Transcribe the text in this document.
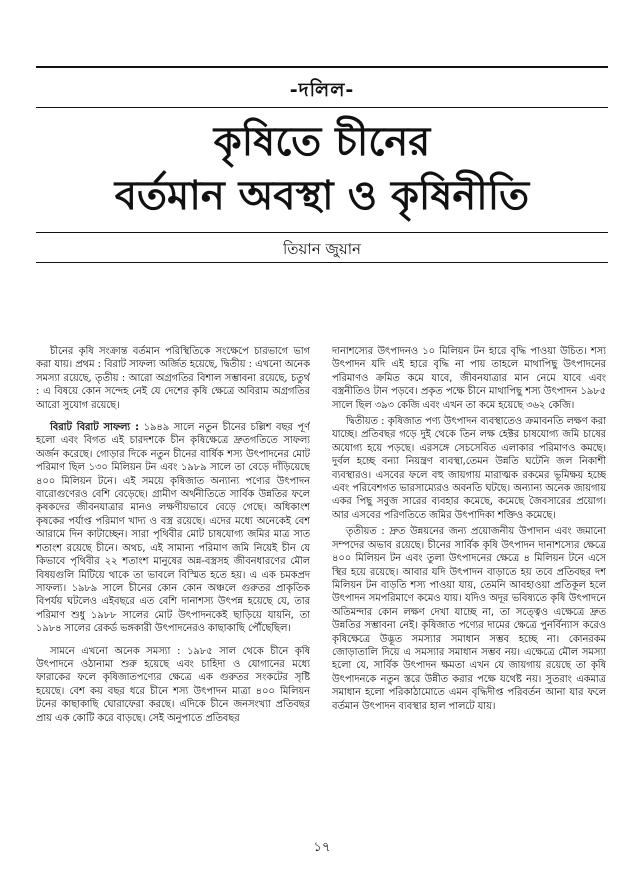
-দলিল-
কৃষিতে চীনের
বর্তমান অবস্থা ও কৃষিনীতি
তিয়ান জুয়ান

চীনের কৃষি সংক্রান্ত বর্তমান পরিস্থিতিকে সংক্ষেপে চারভাগে ভাগ করা যায়। প্রথম : বিরাট সাফল্য অর্জিত হয়েছে, দ্বিতীয় : এখনো অনেক সমস্যা রয়েছে, তৃতীয় : আরো অগ্রগতির বিশাল সম্ভাবনা রয়েছে, চতুর্থ : এ বিষয়ে কোন সন্দেহ নেই যে দেশের কৃষি ক্ষেত্রে অবিরাম অগ্রগতির আরো সুযোগ রয়েছে।

বিরাট বিরাট সাফল্য : ১৯৪৯ সালে নতুন চীনের চল্লিশ বছর পূর্ণ হলো এবং বিগত এই চারদশকে চীন কৃষিক্ষেত্রে দ্রুতগতিতে সাফল্য অর্জন করেছে। গোড়ার দিকে নতুন চীনের বার্ষিক শস্য উৎপাদনের মোট পরিমাণ ছিল ১৩০ মিলিয়ন টন এবং ১৯৮৯ সালে তা বেড়ে দাঁড়িয়েছে ৪০০ মিলিয়ন টনে। এই সময়ে কৃষিজাত অন্যান্য পণ্যের উৎপাদন বারোগুণেরও বেশি বেড়েছে। গ্রামীণ অর্থনীতিতে সার্বিক উন্নতির ফলে কৃষকদের জীবনযাত্রার মানও লক্ষণীয়ভাবে বেড়ে গেছে। অধিকাংশ কৃষকের পর্যাপ্ত পরিমাণ খাদ্য ও বস্ত্র রয়েছে। এদের মধ্যে অনেকেই বেশ আরামে দিন কাটাচ্ছেন। সারা পৃথিবীর মোট চাষযোগ্য জমির মাত্র সাত শতাংশ রয়েছে চীনে। অথচ, এই সামান্য পরিমাণ জমি নিয়েই চীন যে কিভাবে পৃথিবীর ২২ শতাংশ মানুষের অন্ন-বস্ত্রসহ জীবনধারণের মৌল বিষয়গুলি মিটিয়ে থাকে তা ভাবলে বিস্মিত হতে হয়। এ এক চমকপ্রদ সাফল্য। ১৯৮৯ সালে চীনের কোন কোন অঞ্চলে গুরুতর প্রাকৃতিক বিপর্যয় ঘটলেও এইবছরে এত বেশি দানাশস্য উৎপন্ন হয়েছে যে, তার পরিমাণ শুধু ১৯৮৮ সালের মোট উৎপাদনকেই ছাড়িয়ে যায়নি, তা ১৯৮৪ সালের রেকর্ড ভঙ্গকারী উৎপাদনেরও কাছাকাছি পৌঁছেছিল।

সামনে এখনো অনেক সমস্যা : ১৯৮৫ সাল থেকে চীনে কৃষি উৎপাদনে ওঠানামা শুরু হয়েছে এবং চাহিদা ও যোগানের মধ্যে ফারাকের ফলে কৃষিজাতপণ্যের ক্ষেত্রে এক গুরুতর সংকটের সৃষ্টি হয়েছে। বেশ কয় বছর ধরে চীনে শস্য উৎপাদন মাত্রা ৪০০ মিলিয়ন টনের কাছাকাছি ঘোরাফেরা করছে। এদিকে চীনে জনসংখ্যা প্রতিবছর প্রায় এক কোটি করে বাড়ছে। সেই অনুপাতে প্রতিবছর

দানাশস্যের উৎপাদনও ১০ মিলিয়ন টন হারে বৃদ্ধি পাওয়া উচিত। শস্য উৎপাদন যদি এই হারে বৃদ্ধি না পায় তাহলে মাথাপিছু উৎপাদনের পরিমাণও ক্রমিত কমে যাবে, জীবনযাত্রার মান নেমে যাবে এবং বস্ত্রনীতিও টান পড়বে। প্রকৃত পক্ষে চীনে মাথাপিছু শস্য উৎপাদন ১৯৮৫ সালে ছিল ৩৯৩ কেজি এবং এখন তা কমে হয়েছে ৩৬২ কেজি।

দ্বিতীয়ত : কৃষিজাত পণ্য উৎপাদন ব্যবস্থাতেও ক্রমাবনতি লক্ষণ করা যাচ্ছে। প্রতিবছর গড়ে দুই থেকে তিন লক্ষ হেক্টর চাষযোগ্য জমি চাষের অযোগ্য হয়ে পড়ছে। এরসঙ্গে সেচসেবিত এলাকার পরিমাণও কমছে। দুর্বল হচ্ছে বন্যা নিয়ন্ত্রণ ব্যবস্থা,তেমন উন্নতি ঘটেনি জল নিকাশী ব্যবস্থারও। এসবের ফলে বহু জায়গায় মারাত্মক রকমের ভূমিক্ষয় হচ্ছে এবং পরিবেশগত ভারসাম্যেরও অবনতি ঘটছে। অন্যান্য অনেক জায়গায় একর পিছু সবুজ সারের ব্যবহার কমেছে, কমেছে জৈবসারের প্রয়োগ। আর এসবের পরিণতিতে জমির উৎপাদিকা শক্তিও কমেছে।

তৃতীয়ত : দ্রুত উন্নয়নের জন্য প্রয়োজনীয় উপাদান এবং জমানো সম্পদের অভাব রয়েছে। চীনের সার্বিক কৃষি উৎপাদন দানাশস্যের ক্ষেত্রে ৪০০ মিলিয়ন টন এবং তুলা উৎপাদনের ক্ষেত্রে ৪ মিলিয়ন টনে এসে স্থির হয়ে রয়েছে। আবার যদি উৎপাদন বাড়াতে হয় তবে প্রতিবছর দশ মিলিয়ন টন বাড়তি শস্য পাওয়া যায়, তেমনি আবহাওয়া প্রতিকূল হলে উৎপাদন সমপরিমাণে কমেও যায়। যদিও অদূর ভবিষ্যতে কৃষি উৎপাদনে অতিমন্দার কোন লক্ষণ দেখা যাচ্ছে না, তা সত্ত্বেও এক্ষেত্রে দ্রুত উন্নতির সম্ভাবনা নেই। কৃষিজাত পণ্যের দামের ক্ষেত্রে পুনর্বিন্যাস করেও কৃষিক্ষেত্রে উদ্ভূত সমস্যার সমাধান সম্ভব হচ্ছে না। কোনরকম জোড়াতালি দিয়ে এ সমস্যার সমাধান সম্ভব নয়। এক্ষেত্রে মৌল সমস্যা হলো যে, সার্বিক উৎপাদন ক্ষমতা এখন যে জায়গায় রয়েছে তা কৃষি উৎপাদনকে নতুন স্তরে উন্নীত করার পক্ষে যথেষ্ট নয়। সুতরাং একমাত্র সমাধান হলো পরিকাঠামোতে এমন বৃদ্ধিদীপ্ত পরিবর্তন আনা যার ফলে বর্তমান উৎপাদন ব্যবস্থার হাল পালটে যায়।

১৭
